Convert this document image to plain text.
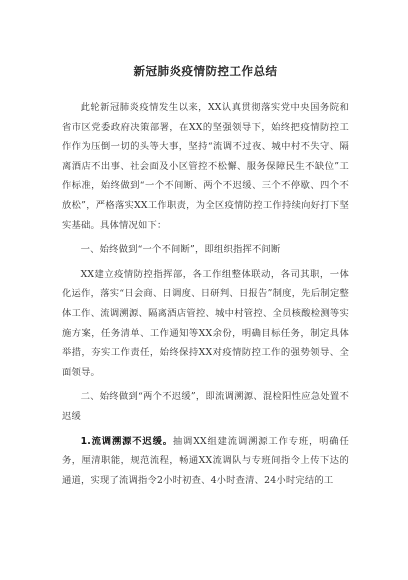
新冠肺炎疫情防控工作总结

此轮新冠肺炎疫情发生以来，XX认真贯彻落实党中央国务院和省市区党委政府决策部署，在XX的坚强领导下，始终把疫情防控工作作为压倒一切的头等大事，坚持“流调不过夜、城中村不失守、隔离酒店不出事、社会面及小区管控不松懈、服务保障民生不缺位”工作标准，始终做到“一个不间断、两个不迟缓、三个不停歇、四个不放松”，严格落实XX工作职责，为全区疫情防控工作持续向好打下坚实基础。具体情况如下：

一、始终做到“一个不间断”，即组织指挥不间断

XX建立疫情防控指挥部，各工作组整体联动，各司其职，一体化运作，落实“日会商、日调度、日研判、日报告”制度，先后制定整体工作、流调溯源、隔离酒店管控、城中村管控、全员核酸检测等实施方案，任务清单、工作通知等XX余份，明确目标任务，制定具体举措，夯实工作责任，始终保持XX对疫情防控工作的强势领导、全面领导。

二、始终做到“两个不迟缓”，即流调溯源、混检阳性应急处置不迟缓

1.流调溯源不迟缓。抽调XX组建流调溯源工作专班，明确任务，厘清职能，规范流程，畅通XX流调队与专班间指令上传下达的通道，实现了流调指令2小时初查、4小时查清、24小时完结的工
